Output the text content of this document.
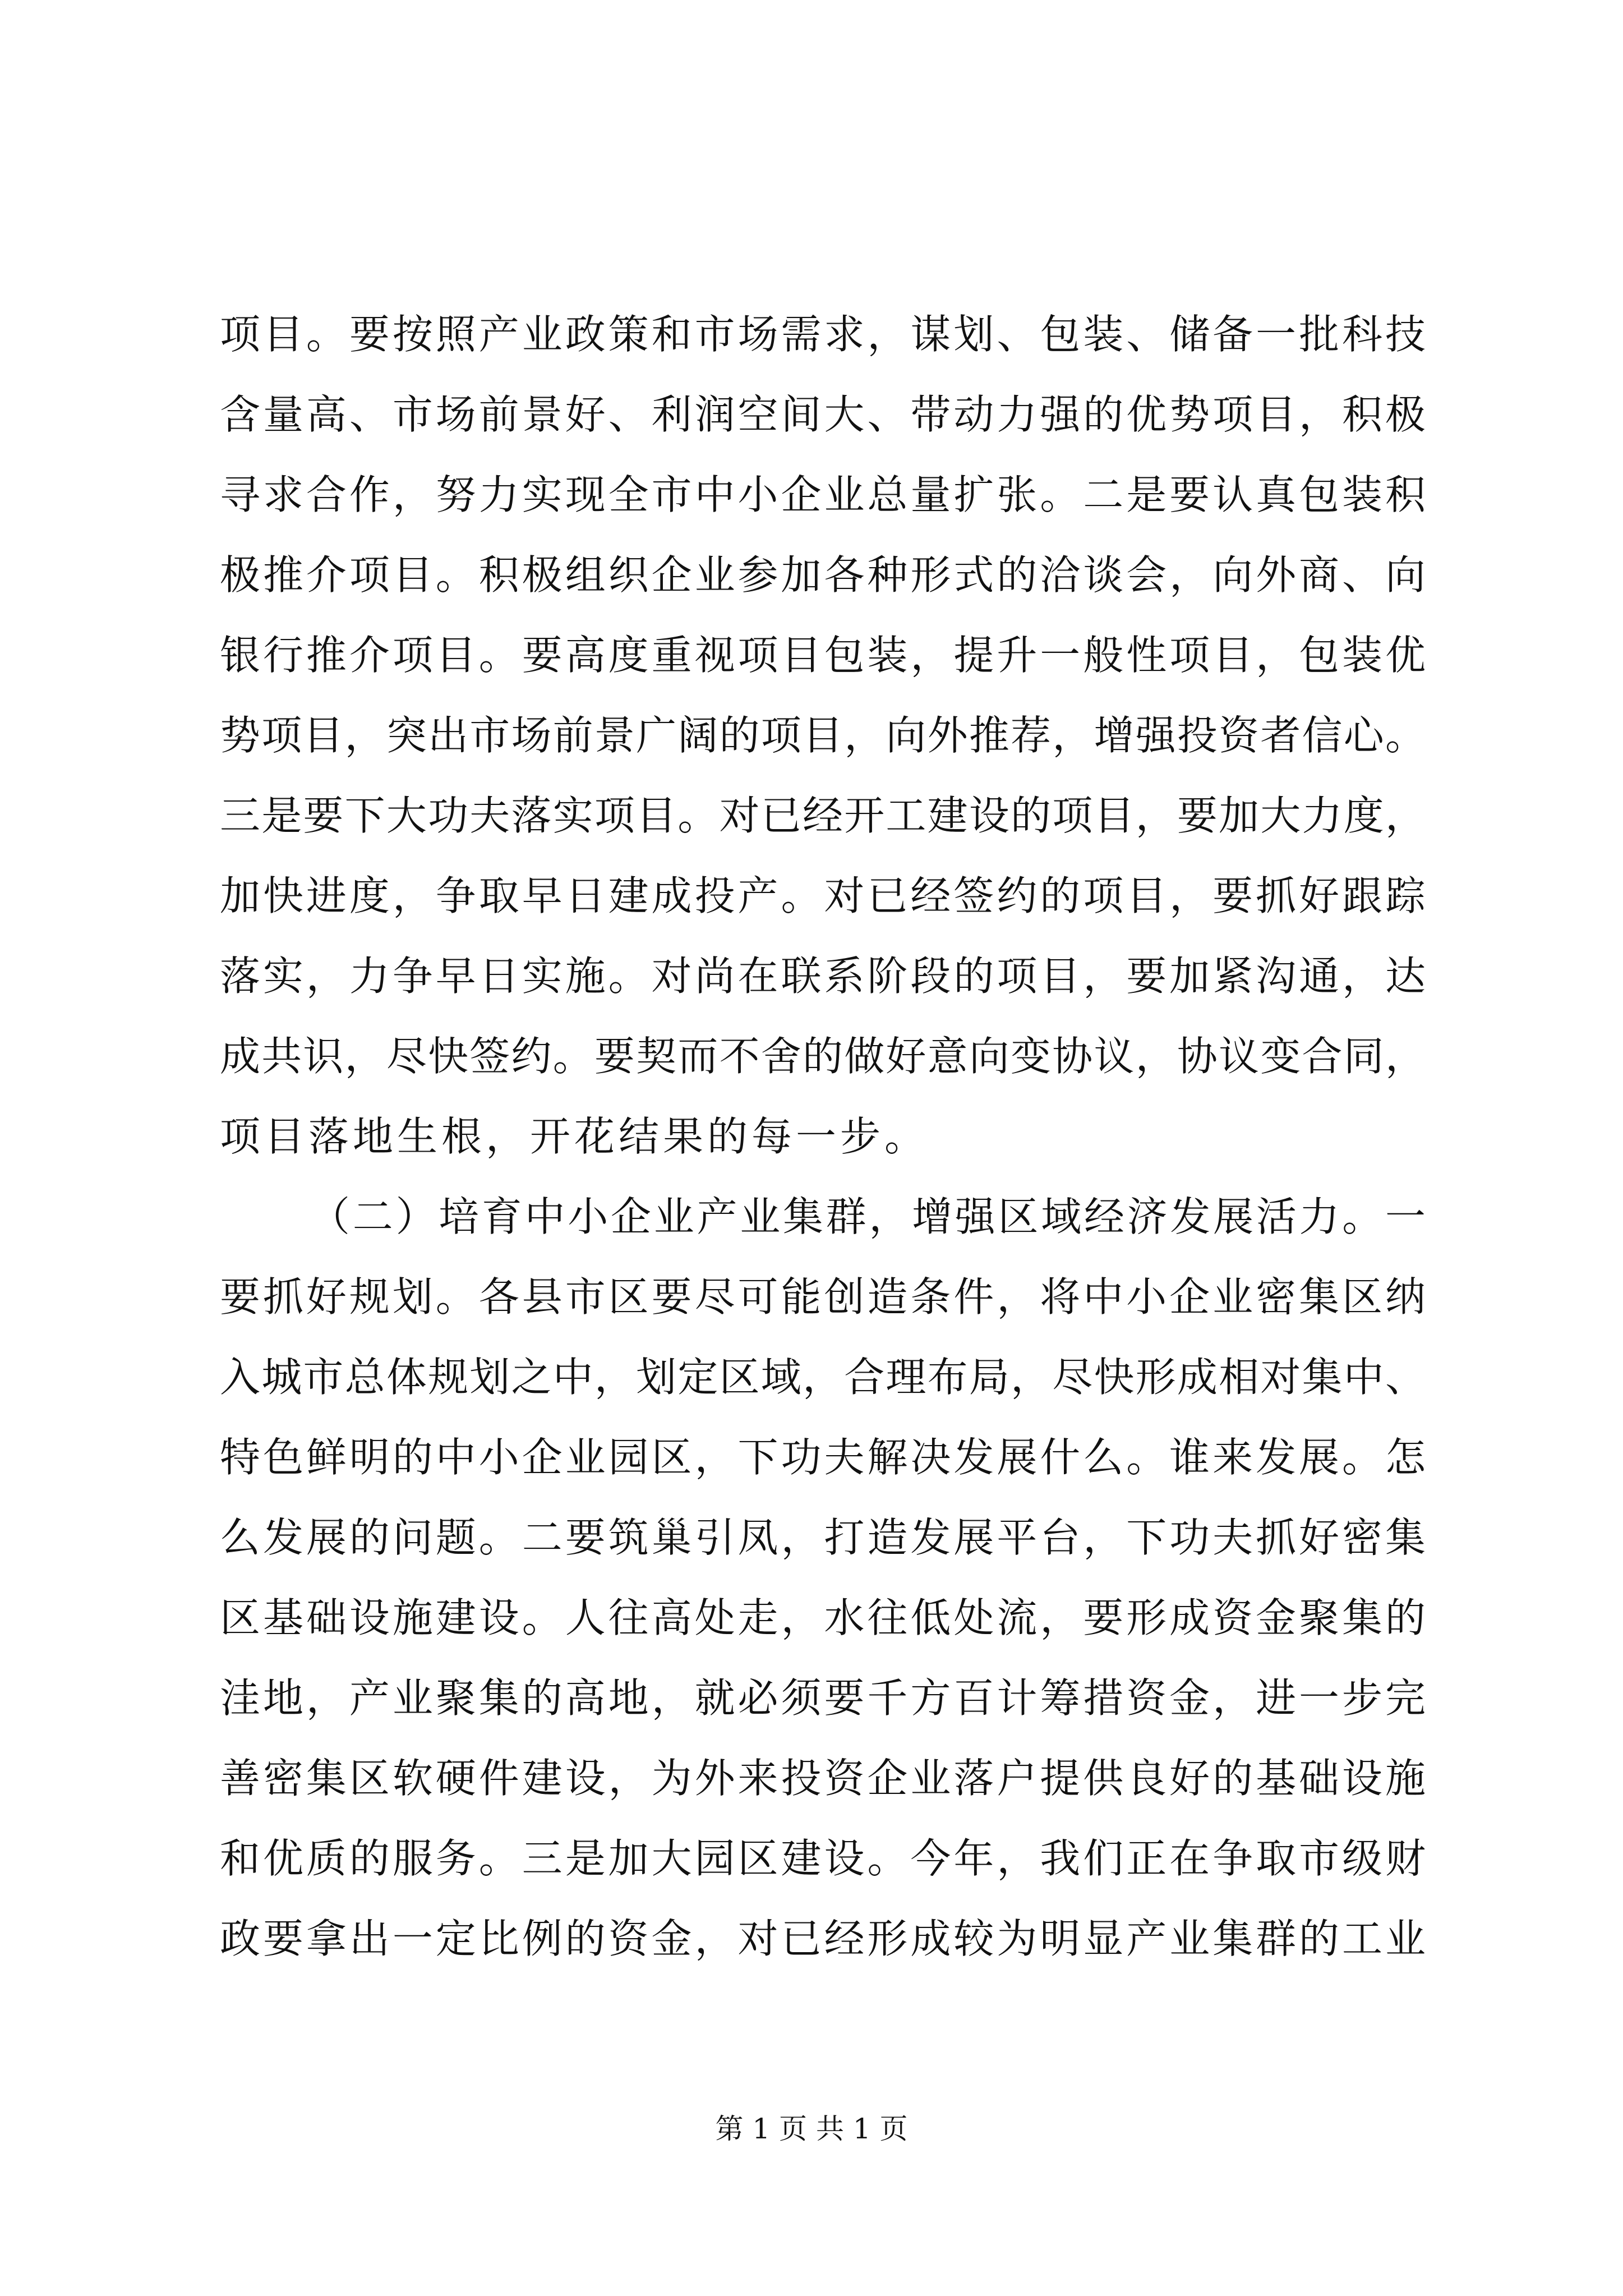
项目。要按照产业政策和市场需求，谋划、包装、储备一批科技
含量高、市场前景好、利润空间大、带动力强的优势项目，积极
寻求合作，努力实现全市中小企业总量扩张。二是要认真包装积
极推介项目。积极组织企业参加各种形式的洽谈会，向外商、向
银行推介项目。要高度重视项目包装，提升一般性项目，包装优
势项目，突出市场前景广阔的项目，向外推荐，增强投资者信心。
三是要下大功夫落实项目。对已经开工建设的项目，要加大力度，
加快进度，争取早日建成投产。对已经签约的项目，要抓好跟踪
落实，力争早日实施。对尚在联系阶段的项目，要加紧沟通，达
成共识，尽快签约。要契而不舍的做好意向变协议，协议变合同，
项目落地生根，开花结果的每一步。
（二）培育中小企业产业集群，增强区域经济发展活力。一
要抓好规划。各县市区要尽可能创造条件，将中小企业密集区纳
入城市总体规划之中，划定区域，合理布局，尽快形成相对集中、
特色鲜明的中小企业园区，下功夫解决发展什么。谁来发展。怎
么发展的问题。二要筑巢引凤，打造发展平台，下功夫抓好密集
区基础设施建设。人往高处走，水往低处流，要形成资金聚集的
洼地，产业聚集的高地，就必须要千方百计筹措资金，进一步完
善密集区软硬件建设，为外来投资企业落户提供良好的基础设施
和优质的服务。三是加大园区建设。今年，我们正在争取市级财
政要拿出一定比例的资金，对已经形成较为明显产业集群的工业
第 1 页 共 1 页
